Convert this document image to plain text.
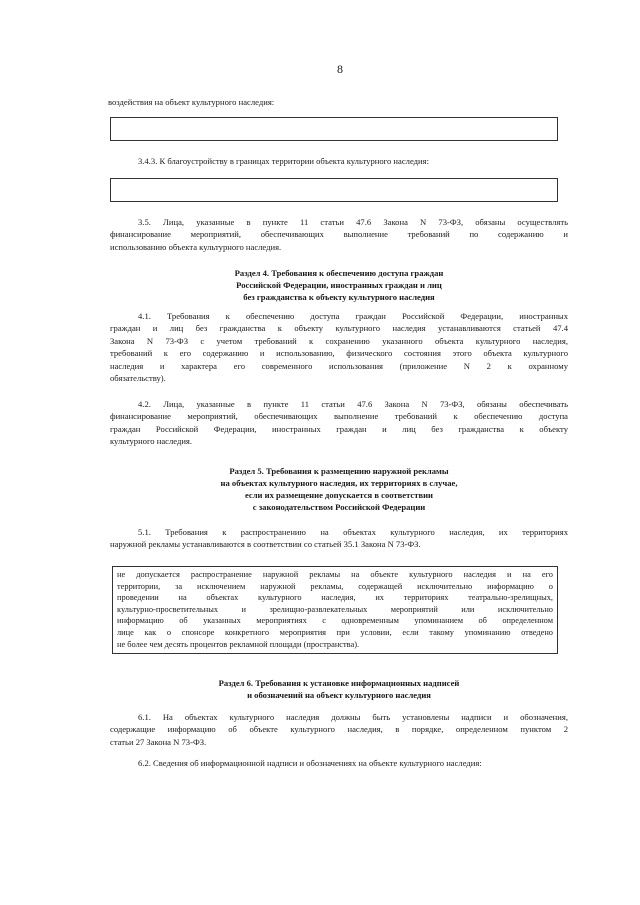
8
воздействия на объект культурного наследия:
3.4.3. К благоустройству в границах территории объекта культурного наследия:
3.5. Лица, указанные в пункте 11 статьи 47.6 Закона N 73-ФЗ, обязаны осуществлять
финансирование мероприятий, обеспечивающих выполнение требований по содержанию и
использованию объекта культурного наследия.
Раздел 4. Требования к обеспечению доступа граждан
Российской Федерации, иностранных граждан и лиц
без гражданства к объекту культурного наследия
4.1. Требования к обеспечению доступа граждан Российской Федерации, иностранных
граждан и лиц без гражданства к объекту культурного наследия устанавливаются статьей 47.4
Закона N 73-ФЗ с учетом требований к сохранению указанного объекта культурного наследия,
требований к его содержанию и использованию, физического состояния этого объекта культурного
наследия и характера его современного использования (приложение N 2 к охранному
обязательству).
4.2. Лица, указанные в пункте 11 статьи 47.6 Закона N 73-ФЗ, обязаны обеспечивать
финансирование мероприятий, обеспечивающих выполнение требований к обеспечению доступа
граждан Российской Федерации, иностранных граждан и лиц без гражданства к объекту
культурного наследия.
Раздел 5. Требования к размещению наружной рекламы
на объектах культурного наследия, их территориях в случае,
если их размещение допускается в соответствии
с законодательством Российской Федерации
5.1. Требования к распространению на объектах культурного наследия, их территориях
наружной рекламы устанавливаются в соответствии со статьей 35.1 Закона N 73-ФЗ.
не допускается распространение наружной рекламы на объекте культурного наследия и на его
территории, за исключением наружной рекламы, содержащей исключительно информацию о
проведении на объектах культурного наследия, их территориях театрально-зрелищных,
культурно-просветительных и зрелищно-развлекательных мероприятий или исключительно
информацию об указанных мероприятиях с одновременным упоминанием об определенном
лице как о спонсоре конкретного мероприятия при условии, если такому упоминанию отведено
не более чем десять процентов рекламной площади (пространства).
Раздел 6. Требования к установке информационных надписей
и обозначений на объект культурного наследия
6.1. На объектах культурного наследия должны быть установлены надписи и обозначения,
содержащие информацию об объекте культурного наследия, в порядке, определенном пунктом 2
статьи 27 Закона N 73-ФЗ.
6.2. Сведения об информационной надписи и обозначениях на объекте культурного наследия:
